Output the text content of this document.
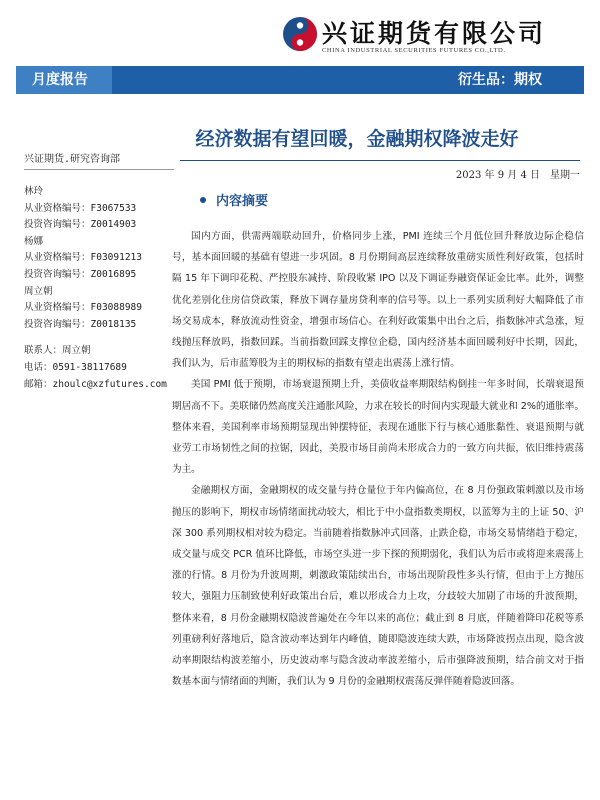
兴证期货有限公司
CHINA INDUSTRIAL SECURITIES FUTURES CO.,LTD.
月度报告	衍生品：期权
经济数据有望回暖，金融期权降波走好
2023 年 9 月 4 日　星期一
兴证期货.研究咨询部
林玲
从业资格编号：F3067533
投资咨询编号：Z0014903
杨娜
从业资格编号：F03091213
投资咨询编号：Z0016895
周立朝
从业资格编号：F03088989
投资咨询编号：Z0018135
联系人：周立朝
电话：0591-38117689
邮箱：zhoulc@xzfutures.com
内容摘要

国内方面，供需两端联动回升，价格同步上涨，PMI 连续三个月低位回升释放边际企稳信号，基本面回暖的基础有望进一步巩固。8 月份期间高层连续释放重磅实质性利好政策，包括时隔 15 年下调印花税、严控股东减持、阶段收紧 IPO 以及下调证券融资保证金比率。此外，调整优化差别化住房信贷政策，释放下调存量房贷利率的信号等。以上一系列实质利好大幅降低了市场交易成本，释放流动性资金，增强市场信心。在利好政策集中出台之后，指数脉冲式急涨，短线抛压释放吗，指数回踩。当前指数回踩支撑位企稳，国内经济基本面回暖利好中长期，因此，我们认为，后市蓝筹股为主的期权标的指数有望走出震荡上涨行情。

美国 PMI 低于预期，市场衰退预期上升，美债收益率期限结构倒挂一年多时间，长端衰退预期居高不下。美联储仍然高度关注通胀风险，力求在较长的时间内实现最大就业和 2%的通胀率。整体来看，美国利率市场预期显现出钟摆特征，表现在通胀下行与核心通胀黏性、衰退预期与就业劳工市场韧性之间的拉锯，因此，美股市场目前尚未形成合力的一致方向共振，依旧维持震荡为主。

金融期权方面，金融期权的成交量与持仓量位于年内偏高位，在 8 月份强政策刺激以及市场抛压的影响下，期权市场情绪面扰动较大，相比于中小盘指数类期权，以蓝筹为主的上证 50、沪深 300 系列期权相对较为稳定。当前随着指数脉冲式回落，止跌企稳，市场交易情绪趋于稳定，成交量与成交 PCR 值环比降低，市场空头进一步下探的预期弱化，我们认为后市或将迎来震荡上涨的行情。8 月份为升波周期，刺激政策陆续出台，市场出现阶段性多头行情，但由于上方抛压较大，强阻力压制致使利好政策出台后，难以形成合力上攻，分歧较大加剧了市场的升波预期，整体来看，8 月份金融期权隐波普遍处在今年以来的高位；截止到 8 月底，伴随着降印花税等系列重磅利好落地后，隐含波动率达到年内峰值，随即隐波连续大跌，市场降波拐点出现，隐含波动率期限结构波差缩小，历史波动率与隐含波动率波差缩小，后市强降波预期，结合前文对于指数基本面与情绪面的判断，我们认为 9 月份的金融期权震荡反弹伴随着隐波回落。
